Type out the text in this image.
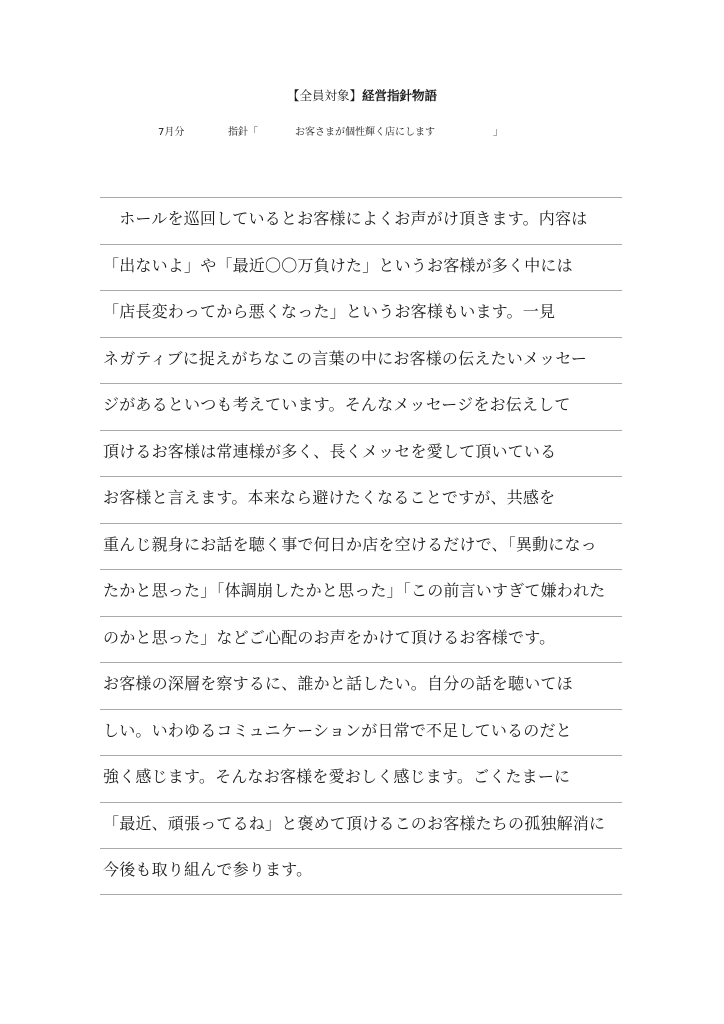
【全員対象】経営指針物語
7月分	指針「	お客さまが個性輝く店にします	」
　ホールを巡回しているとお客様によくお声がけ頂きます。内容は
「出ないよ」や「最近〇〇万負けた」というお客様が多く中には
「店長変わってから悪くなった」というお客様もいます。一見
ネガティブに捉えがちなこの言葉の中にお客様の伝えたいメッセー
ジがあるといつも考えています。そんなメッセージをお伝えして
頂けるお客様は常連様が多く、長くメッセを愛して頂いている
お客様と言えます。本来なら避けたくなることですが、共感を
重んじ親身にお話を聴く事で何日か店を空けるだけで、「異動になっ
たかと思った」「体調崩したかと思った」「この前言いすぎて嫌われた
のかと思った」などご心配のお声をかけて頂けるお客様です。
お客様の深層を察するに、誰かと話したい。自分の話を聴いてほ
しい。いわゆるコミュニケーションが日常で不足しているのだと
強く感じます。そんなお客様を愛おしく感じます。ごくたまーに
「最近、頑張ってるね」と褒めて頂けるこのお客様たちの孤独解消に
今後も取り組んで参ります。
